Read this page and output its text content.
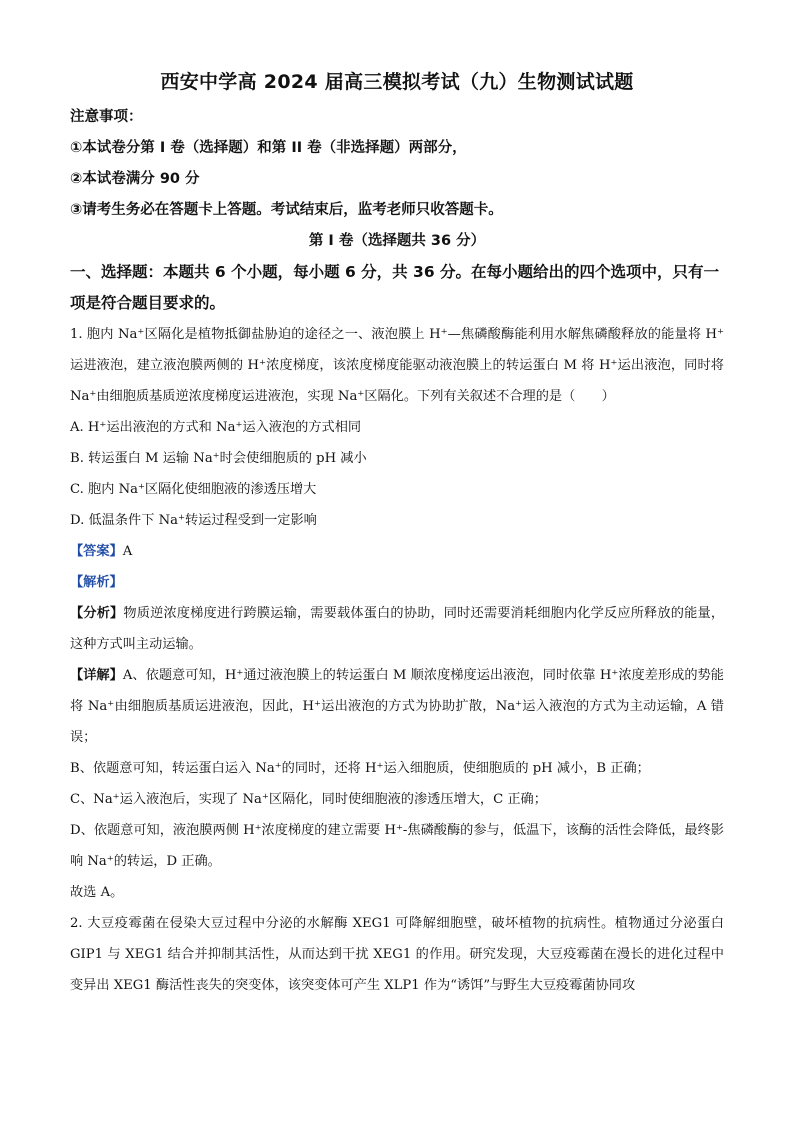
西安中学高 2024 届高三模拟考试（九）生物测试试题
注意事项：
①本试卷分第 I 卷（选择题）和第 II 卷（非选择题）两部分，
②本试卷满分 90 分
③请考生务必在答题卡上答题。考试结束后，监考老师只收答题卡。
第 I 卷（选择题共 36 分）
一、选择题：本题共 6 个小题，每小题 6 分，共 36 分。在每小题给出的四个选项中，只有一项是符合题目要求的。

1. 胞内 Na⁺区隔化是植物抵御盐胁迫的途径之一、液泡膜上 H⁺—焦磷酸酶能利用水解焦磷酸释放的能量将 H⁺运进液泡，建立液泡膜两侧的 H⁺浓度梯度，该浓度梯度能驱动液泡膜上的转运蛋白 M 将 H⁺运出液泡，同时将 Na⁺由细胞质基质逆浓度梯度运进液泡，实现 Na⁺区隔化。下列有关叙述不合理的是（　　）

A. H⁺运出液泡的方式和 Na⁺运入液泡的方式相同
B. 转运蛋白 M 运输 Na⁺时会使细胞质的 pH 减小
C. 胞内 Na⁺区隔化使细胞液的渗透压增大
D. 低温条件下 Na⁺转运过程受到一定影响
【答案】A
【解析】

【分析】物质逆浓度梯度进行跨膜运输，需要载体蛋白的协助，同时还需要消耗细胞内化学反应所释放的能量，这种方式叫主动运输。

【详解】A、依题意可知，H⁺通过液泡膜上的转运蛋白 M 顺浓度梯度运出液泡，同时依靠 H⁺浓度差形成的势能将 Na⁺由细胞质基质运进液泡，因此，H⁺运出液泡的方式为协助扩散，Na⁺运入液泡的方式为主动运输，A 错误；

B、依题意可知，转运蛋白运入 Na⁺的同时，还将 H⁺运入细胞质，使细胞质的 pH 减小，B 正确；

C、Na⁺运入液泡后，实现了 Na⁺区隔化，同时使细胞液的渗透压增大，C 正确；

D、依题意可知，液泡膜两侧 H⁺浓度梯度的建立需要 H⁺-焦磷酸酶的参与，低温下，该酶的活性会降低，最终影响 Na⁺的转运，D 正确。

故选 A。

2. 大豆疫霉菌在侵染大豆过程中分泌的水解酶 XEG1 可降解细胞壁，破坏植物的抗病性。植物通过分泌蛋白 GIP1 与 XEG1 结合并抑制其活性，从而达到干扰 XEG1 的作用。研究发现，大豆疫霉菌在漫长的进化过程中变异出 XEG1 酶活性丧失的突变体，该突变体可产生 XLP1 作为“诱饵”与野生大豆疫霉菌协同攻
